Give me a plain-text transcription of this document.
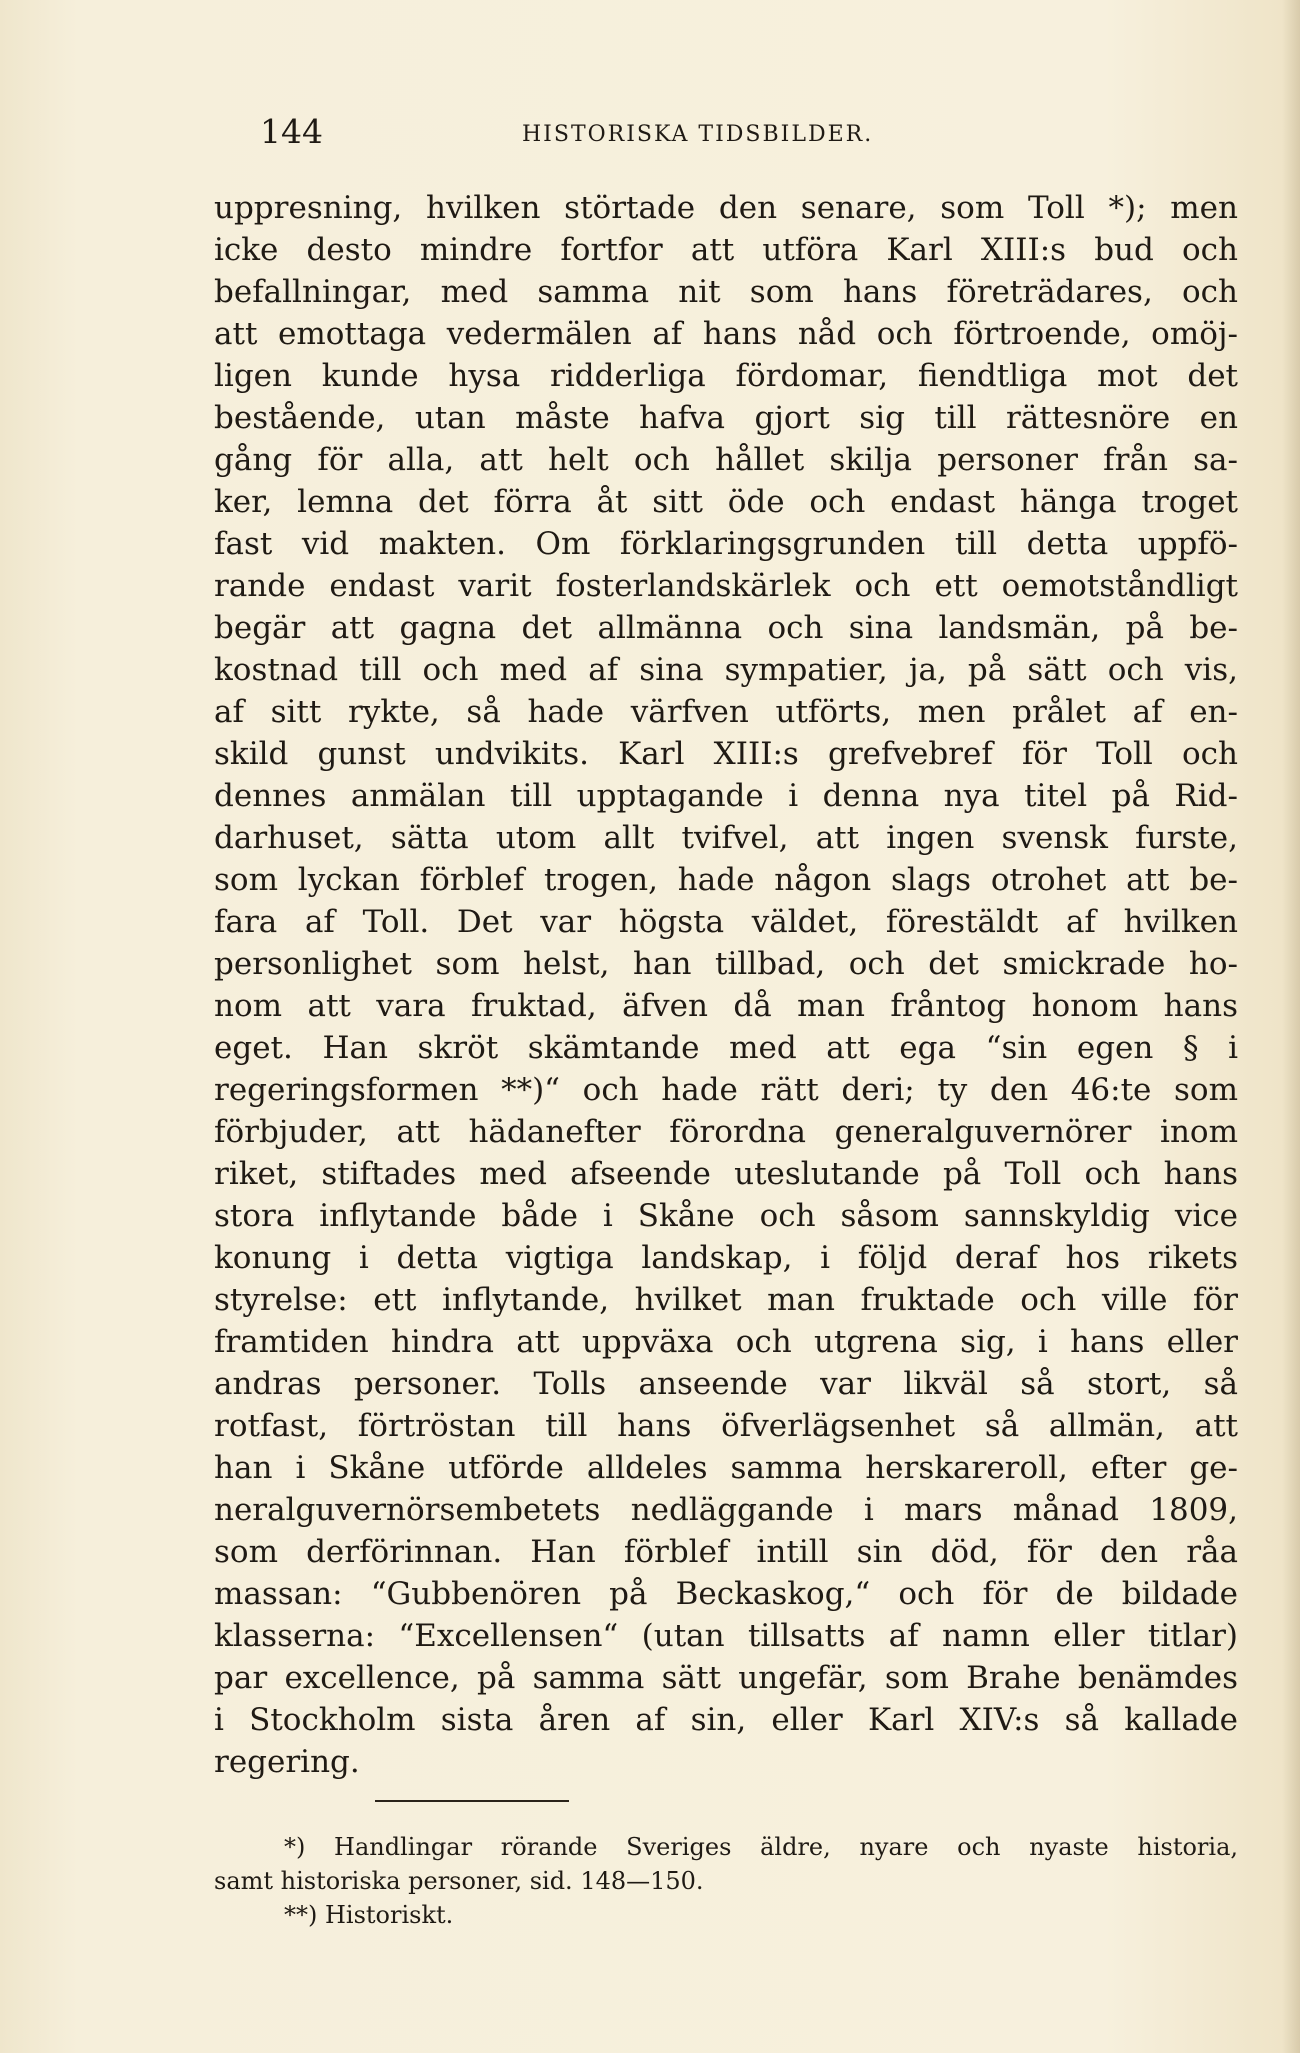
144	HISTORISKA TIDSBILDER.
uppresning, hvilken störtade den senare, som Toll *); men
icke desto mindre fortfor att utföra Karl XIII:s bud och
befallningar, med samma nit som hans företrädares, och
att emottaga vedermälen af hans nåd och förtroende, omöj-
ligen kunde hysa ridderliga fördomar, fiendtliga mot det
bestående, utan måste hafva gjort sig till rättesnöre en
gång för alla, att helt och hållet skilja personer från sa-
ker, lemna det förra åt sitt öde och endast hänga troget
fast vid makten. Om förklaringsgrunden till detta uppfö-
rande endast varit fosterlandskärlek och ett oemotståndligt
begär att gagna det allmänna och sina landsmän, på be-
kostnad till och med af sina sympatier, ja, på sätt och vis,
af sitt rykte, så hade värfven utförts, men prålet af en-
skild gunst undvikits. Karl XIII:s grefvebref för Toll och
dennes anmälan till upptagande i denna nya titel på Rid-
darhuset, sätta utom allt tvifvel, att ingen svensk furste,
som lyckan förblef trogen, hade någon slags otrohet att be-
fara af Toll. Det var högsta väldet, förestäldt af hvilken
personlighet som helst, han tillbad, och det smickrade ho-
nom att vara fruktad, äfven då man fråntog honom hans
eget. Han skröt skämtande med att ega “sin egen § i
regeringsformen **)“ och hade rätt deri; ty den 46:te som
förbjuder, att hädanefter förordna generalguvernörer inom
riket, stiftades med afseende uteslutande på Toll och hans
stora inflytande både i Skåne och såsom sannskyldig vice
konung i detta vigtiga landskap, i följd deraf hos rikets
styrelse: ett inflytande, hvilket man fruktade och ville för
framtiden hindra att uppväxa och utgrena sig, i hans eller
andras personer. Tolls anseende var likväl så stort, så
rotfast, förtröstan till hans öfverlägsenhet så allmän, att
han i Skåne utförde alldeles samma herskareroll, efter ge-
neralguvernörsembetets nedläggande i mars månad 1809,
som derförinnan. Han förblef intill sin död, för den råa
massan: “Gubbenören på Beckaskog,“ och för de bildade
klasserna: “Excellensen“ (utan tillsatts af namn eller titlar)
par excellence, på samma sätt ungefär, som Brahe benämdes
i Stockholm sista åren af sin, eller Karl XIV:s så kallade
regering.
*) Handlingar rörande Sveriges äldre, nyare och nyaste historia,
samt historiska personer, sid. 148—150.
**) Historiskt.
